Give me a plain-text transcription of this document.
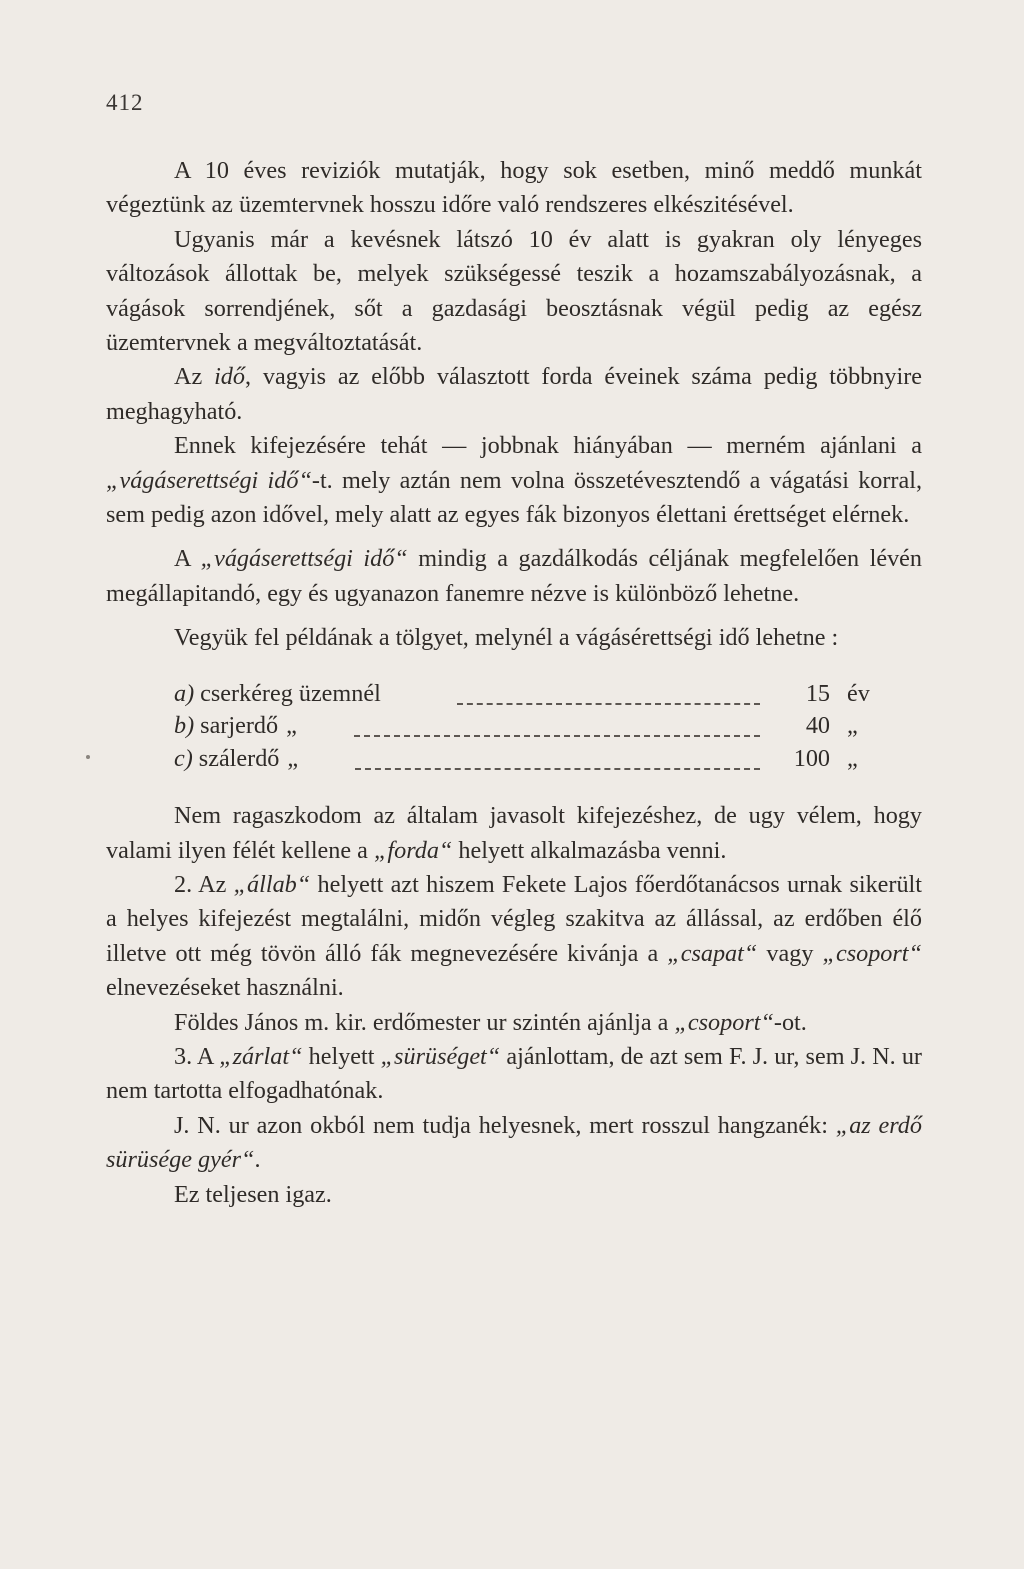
412

A 10 éves reviziók mutatják, hogy sok esetben, minő meddő munkát végeztünk az üzemtervnek hosszu időre való rendszeres elkészitésével.

Ugyanis már a kevésnek látszó 10 év alatt is gyakran oly lényeges változások állottak be, melyek szükségessé teszik a hozamszabályozásnak, a vágások sorrendjének, sőt a gazdasági beosztásnak végül pedig az egész üzemtervnek a megváltoztatását.

Az idő, vagyis az előbb választott forda éveinek száma pedig többnyire meghagyható.

Ennek kifejezésére tehát — jobbnak hiányában — merném ajánlani a „vágáserettségi idő“-t. mely aztán nem volna összetévesztendő a vágatási korral, sem pedig azon idővel, mely alatt az egyes fák bizonyos élettani érettséget elérnek.

A „vágáserettségi idő“ mindig a gazdálkodás céljának megfelelően lévén megállapitandó, egy és ugyanazon fanemre nézve is különböző lehetne.

Vegyük fel példának a tölgyet, melynél a vágásérettségi idő lehetne :

a) cserkéreg üzemnél	15 év
b) sarjerdő „	40 „
c) szálerdő „	100 „

Nem ragaszkodom az általam javasolt kifejezéshez, de ugy vélem, hogy valami ilyen félét kellene a „forda“ helyett alkalmazásba venni.

2. Az „állab“ helyett azt hiszem Fekete Lajos főerdőtanácsos urnak sikerült a helyes kifejezést megtalálni, midőn végleg szakitva az állással, az erdőben élő illetve ott még tövön álló fák megnevezésére kivánja a „csapat“ vagy „csoport“ elnevezéseket használni.

Földes János m. kir. erdőmester ur szintén ajánlja a „csoport“-ot.

3. A „zárlat“ helyett „sürüséget“ ajánlottam, de azt sem F. J. ur, sem J. N. ur nem tartotta elfogadhatónak.

J. N. ur azon okból nem tudja helyesnek, mert rosszul hangzanék: „az erdő sürüsége gyér“.

Ez teljesen igaz.
